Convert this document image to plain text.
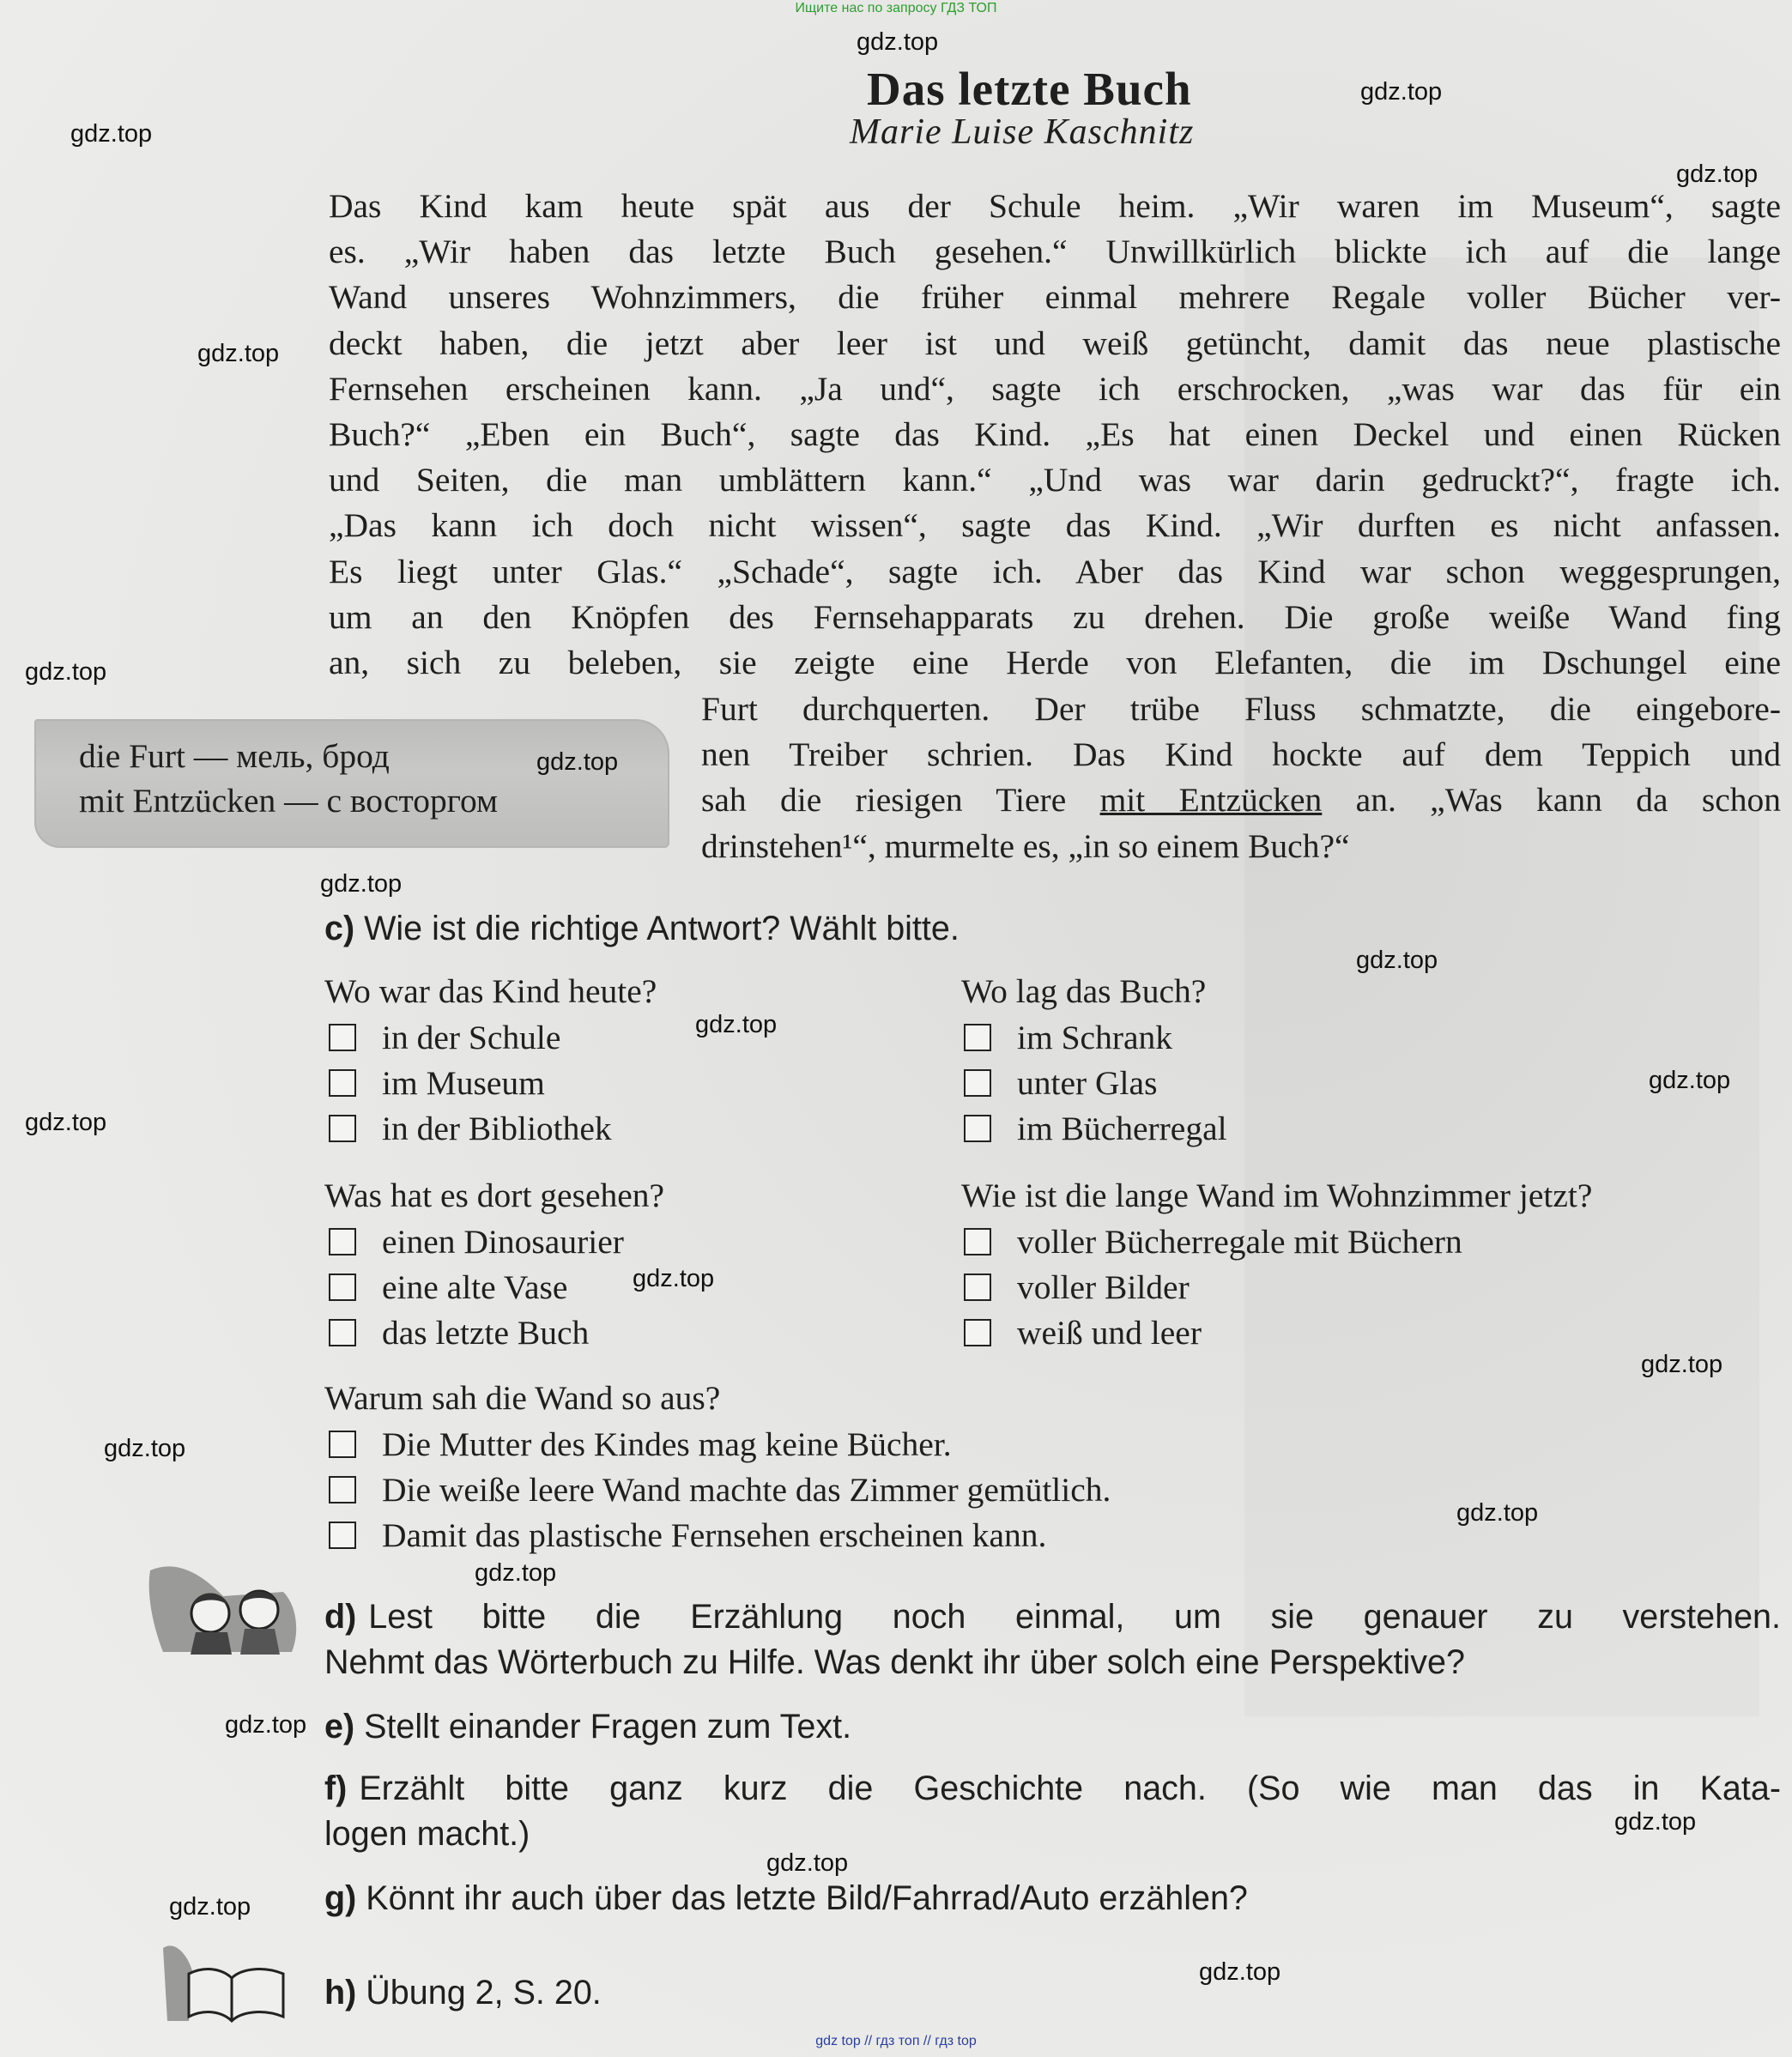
Ищите нас по запросу ГДЗ ТОП
Das letzte Buch
Marie Luise Kaschnitz
Das Kind kam heute spät aus der Schule heim. „Wir waren im Museum“, sagte
es. „Wir haben das letzte Buch gesehen.“ Unwillkürlich blickte ich auf die lange
Wand unseres Wohnzimmers, die früher einmal mehrere Regale voller Bücher ver-
deckt haben, die jetzt aber leer ist und weiß getüncht, damit das neue plastische
Fernsehen erscheinen kann. „Ja und“, sagte ich erschrocken, „was war das für ein
Buch?“ „Eben ein Buch“, sagte das Kind. „Es hat einen Deckel und einen Rücken
und Seiten, die man umblättern kann.“ „Und was war darin gedruckt?“, fragte ich.
„Das kann ich doch nicht wissen“, sagte das Kind. „Wir durften es nicht anfassen.
Es liegt unter Glas.“ „Schade“, sagte ich. Aber das Kind war schon weggesprungen,
um an den Knöpfen des Fernsehapparats zu drehen. Die große weiße Wand fing
an, sich zu beleben, sie zeigte eine Herde von Elefanten, die im Dschungel eine
die Furt — мель, брод
mit Entzücken — с восторгом
Furt durchquerten. Der trübe Fluss schmatzte, die eingebore-
nen Treiber schrien. Das Kind hockte auf dem Teppich und
sah die riesigen Tiere mit Entzücken an. „Was kann da schon
drinstehen¹“, murmelte es, „in so einem Buch?“
c) Wie ist die richtige Antwort? Wählt bitte.
Wo war das Kind heute?
in der Schule
im Museum
in der Bibliothek
Wo lag das Buch?
im Schrank
unter Glas
im Bücherregal
Was hat es dort gesehen?
einen Dinosaurier
eine alte Vase
das letzte Buch
Wie ist die lange Wand im Wohnzimmer jetzt?
voller Bücherregale mit Büchern
voller Bilder
weiß und leer
Warum sah die Wand so aus?
Die Mutter des Kindes mag keine Bücher.
Die weiße leere Wand machte das Zimmer gemütlich.
Damit das plastische Fernsehen erscheinen kann.
d) Lest bitte die Erzählung noch einmal, um sie genauer zu verstehen.
Nehmt das Wörterbuch zu Hilfe. Was denkt ihr über solch eine Perspektive?
e) Stellt einander Fragen zum Text.
f) Erzählt bitte ganz kurz die Geschichte nach. (So wie man das in Kata-
logen macht.)
g) Könnt ihr auch über das letzte Bild/Fahrrad/Auto erzählen?
h) Übung 2, S. 20.
gdz.top
gdz.top
gdz.top
gdz.top
gdz.top
gdz.top
gdz.top
gdz.top
gdz.top
gdz.top
gdz.top
gdz.top
gdz.top
gdz.top
gdz.top
gdz.top
gdz.top
gdz.top
gdz.top
gdz.top
gdz.top
gdz.top
gdz top // гдз топ // гдз top
